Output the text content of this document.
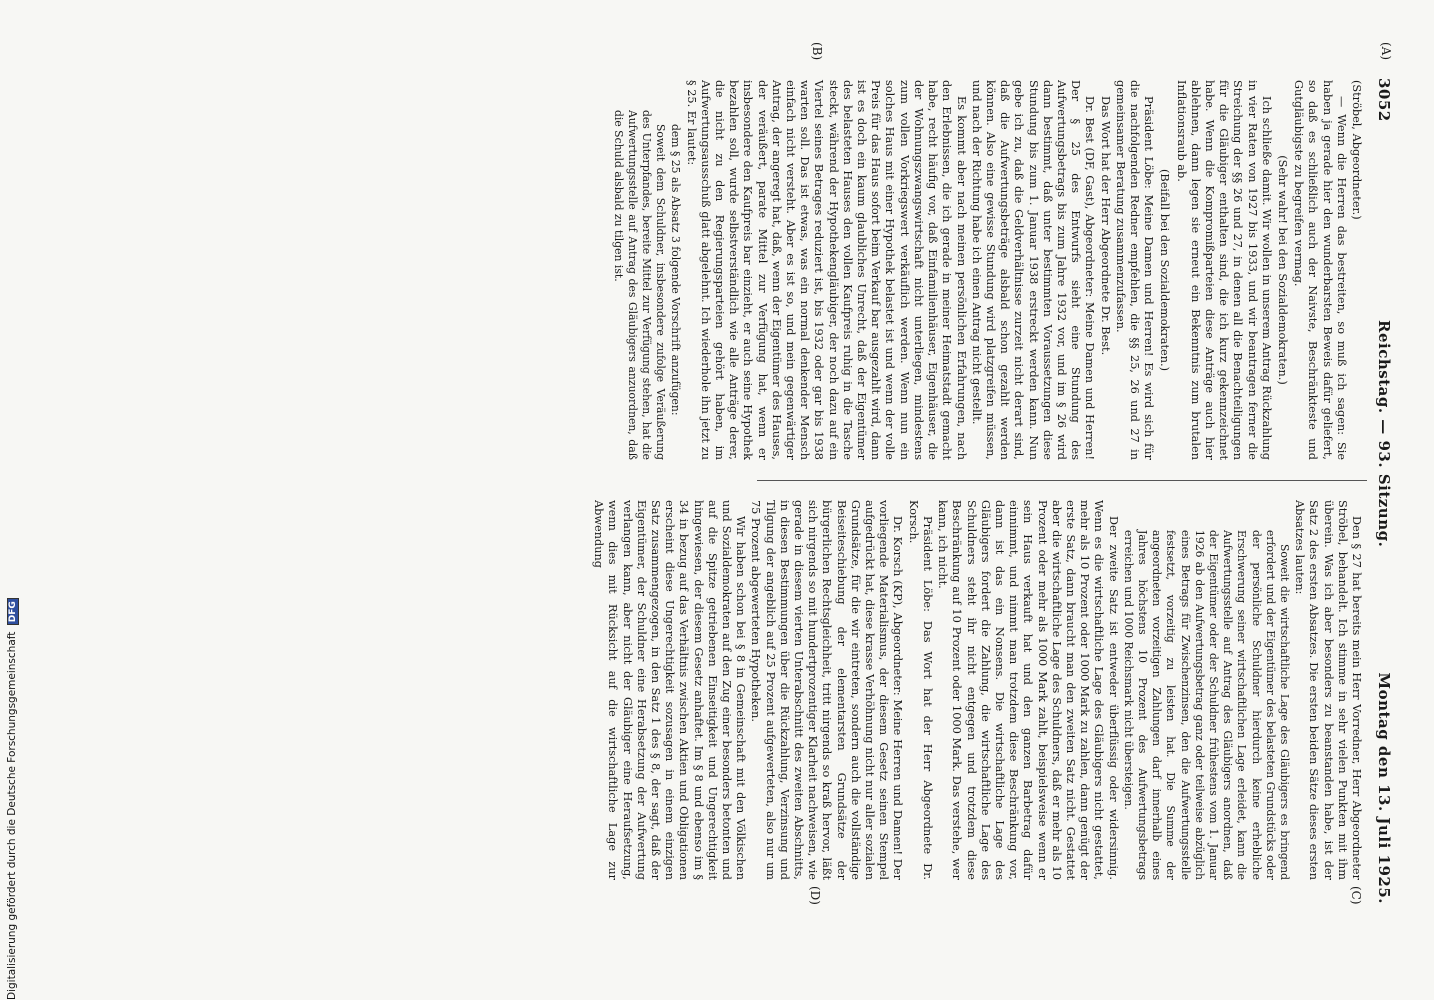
3052
Reichstag. — 93. Sitzung.
Montag den 13. Juli 1925.
(A)
(B)
(C)
(D)

(Ströbel, Abgeordneter.)

— Wenn die Herren das bestreiten, so muß ich sagen: Sie haben ja gerade hier den wunderbarsten Beweis dafür geliefert, so daß es schließlich auch der Naivste, Beschränkteste und Gutgläubigste zu begreifen vermag.

(Sehr wahr! bei den Sozialdemokraten.)

Ich schließe damit. Wir wollen in unserem Antrag Rückzahlung in vier Raten von 1927 bis 1933, und wir beantragen ferner die Streichung der §§ 26 und 27, in denen all die Benachteiligungen für die Gläubiger enthalten sind, die ich kurz gekennzeichnet habe. Wenn die Kompromißparteien diese Anträge auch hier ablehnen, dann legen sie erneut ein Bekenntnis zum brutalen Inflationsraub ab.

(Beifall bei den Sozialdemokraten.)

Präsident Löbe: Meine Damen und Herren! Es wird sich für die nachfolgenden Redner empfehlen, die §§ 25, 26 und 27 in gemeinsamer Beratung zusammenzufassen.

Das Wort hat der Herr Abgeordnete Dr. Best.

Dr. Best (DF, Gast), Abgeordneter: Meine Damen und Herren! Der § 25 des Entwurfs sieht eine Stundung des Aufwertungsbetrags bis zum Jahre 1932 vor, und im § 26 wird dann bestimmt, daß unter bestimmten Voraussetzungen diese Stundung bis zum 1. Januar 1938 erstreckt werden kann. Nun gebe ich zu, daß die Geldverhältnisse zurzeit nicht derart sind, daß die Aufwertungsbeträge alsbald schon gezahlt werden können. Also eine gewisse Stundung wird platzgreifen müssen, und nach der Richtung habe ich einen Antrag nicht gestellt.

Es kommt aber nach meinen persönlichen Erfahrungen, nach den Erlebnissen, die ich gerade in meiner Heimatstadt gemacht habe, recht häufig vor, daß Einfamilienhäuser, Eigenhäuser, die der Wohnungszwangswirtschaft nicht unterliegen, mindestens zum vollen Vorkriegswert verkäuflich werden. Wenn nun ein solches Haus mit einer Hypothek belastet ist und wenn der volle Preis für das Haus sofort beim Verkauf bar ausgezahlt wird, dann ist es doch ein kaum glaubliches Unrecht, daß der Eigentümer des belasteten Hauses den vollen Kaufpreis ruhig in die Tasche steckt, während der Hypothekengläubiger, der noch dazu auf ein Viertel seines Betrages reduziert ist, bis 1932 oder gar bis 1938 warten soll. Das ist etwas, was ein normal denkender Mensch einfach nicht versteht. Aber es ist so, und mein gegenwärtiger Antrag, der angeregt hat, daß, wenn der Eigentümer des Hauses, der veräußert, parate Mittel zur Verfügung hat, wenn er insbesondere den Kaufpreis bar einzieht, er auch seine Hypothek bezahlen soll, wurde selbstverständlich wie alle Anträge derer, die nicht zu den Regierungsparteien gehört haben, im Aufwertungsausschuß glatt abgelehnt. Ich wiederhole ihn jetzt zu § 25. Er lautet:

dem § 25 als Absatz 3 folgende Vorschrift anzufügen:

Soweit dem Schuldner, insbesondere zufolge Veräußerung des Unterpfandes, bereite Mittel zur Verfügung stehen, hat die Aufwertungsstelle auf Antrag des Gläubigers anzuordnen, daß die Schuld alsbald zu tilgen ist.

Den § 27 hat bereits mein Herr Vorredner, Herr Abgeordneter Ströbel, behandelt. Ich stimme in sehr vielen Punkten mit ihm überein. Was ich aber besonders zu beanstanden habe, ist der Satz 2 des ersten Absatzes. Die ersten beiden Sätze dieses ersten Absatzes lauten:

Soweit die wirtschaftliche Lage des Gläubigers es bringend erfordert und der Eigentümer des belasteten Grundstücks oder der persönliche Schuldner hierdurch keine erhebliche Erschwerung seiner wirtschaftlichen Lage erleidet, kann die Aufwertungsstelle auf Antrag des Gläubigers anordnen, daß der Eigentümer oder der Schuldner frühestens vom 1. Januar 1926 ab den Aufwertungsbetrag ganz oder teilweise abzüglich eines Betrags für Zwischenzinsen, den die Aufwertungsstelle festsetzt, vorzeitig zu leisten hat. Die Summe der angeordneten vorzeitigen Zahlungen darf innerhalb eines Jahres höchstens 10 Prozent des Aufwertungsbetrags erreichen und 1000 Reichsmark nicht übersteigen.

Der zweite Satz ist entweder überflüssig oder widersinnig. Wenn es die wirtschaftliche Lage des Gläubigers nicht gestattet, mehr als 10 Prozent oder 1000 Mark zu zahlen, dann genügt der erste Satz, dann braucht man den zweiten Satz nicht. Gestattet aber die wirtschaftliche Lage des Schuldners, daß er mehr als 10 Prozent oder mehr als 1000 Mark zahlt, beispielsweise wenn er sein Haus verkauft hat und den ganzen Barbetrag dafür einnimmt, und nimmt man trotzdem diese Beschränkung vor, dann ist das ein Nonsens. Die wirtschaftliche Lage des Gläubigers fordert die Zahlung, die wirtschaftliche Lage des Schuldners steht ihr nicht entgegen und trotzdem diese Beschränkung auf 10 Prozent oder 1000 Mark. Das verstehe, wer kann, ich nicht.

Präsident Löbe: Das Wort hat der Herr Abgeordnete Dr. Korsch.

Dr. Korsch (KP), Abgeordneter: Meine Herren und Damen! Der vorliegende Materialismus, der diesem Gesetz seinen Stempel aufgedrückt hat, diese krasse Verhöhnung nicht nur aller sozialen Grundsätze, für die wir eintreten, sondern auch die vollständige Beiseiteschiebung der elementarsten Grundsätze der bürgerlichen Rechtsgleichheit, tritt nirgends so kraß hervor, läßt sich nirgends so mit hundertprozentiger Klarheit nachweisen, wie gerade in diesem vierten Unterabschnitt des zweiten Abschnitts, in diesen Bestimmungen über die Rückzahlung, Verzinsung und Tilgung der angeblich auf 25 Prozent aufgewerteten, also nur um 75 Prozent abgewerteten Hypotheken.

Wir haben schon bei § 8 in Gemeinschaft mit den Völkischen und Sozialdemokraten auf den Zug einer besonders betonten und auf die Spitze getriebenen Einseitigkeit und Ungerechtigkeit hingewiesen, der diesem Gesetz anhaftet. Im § 8 und ebenso im § 34 in bezug auf das Verhältnis zwischen Aktien und Obligationen erscheint diese Ungerechtigkeit sozusagen in einem einzigen Satz zusammengezogen, in den Satz 1 des § 8, der sagt, daß der Eigentümer, der Schuldner eine Herabsetzung der Aufwertung verlangen kann, aber nicht der Gläubiger eine Heraufsetzung, wenn dies mit Rücksicht auf die wirtschaftliche Lage zur Abwendung

Digitalisierung gefördert durch die Deutsche Forschungsgemeinschaft DFG
